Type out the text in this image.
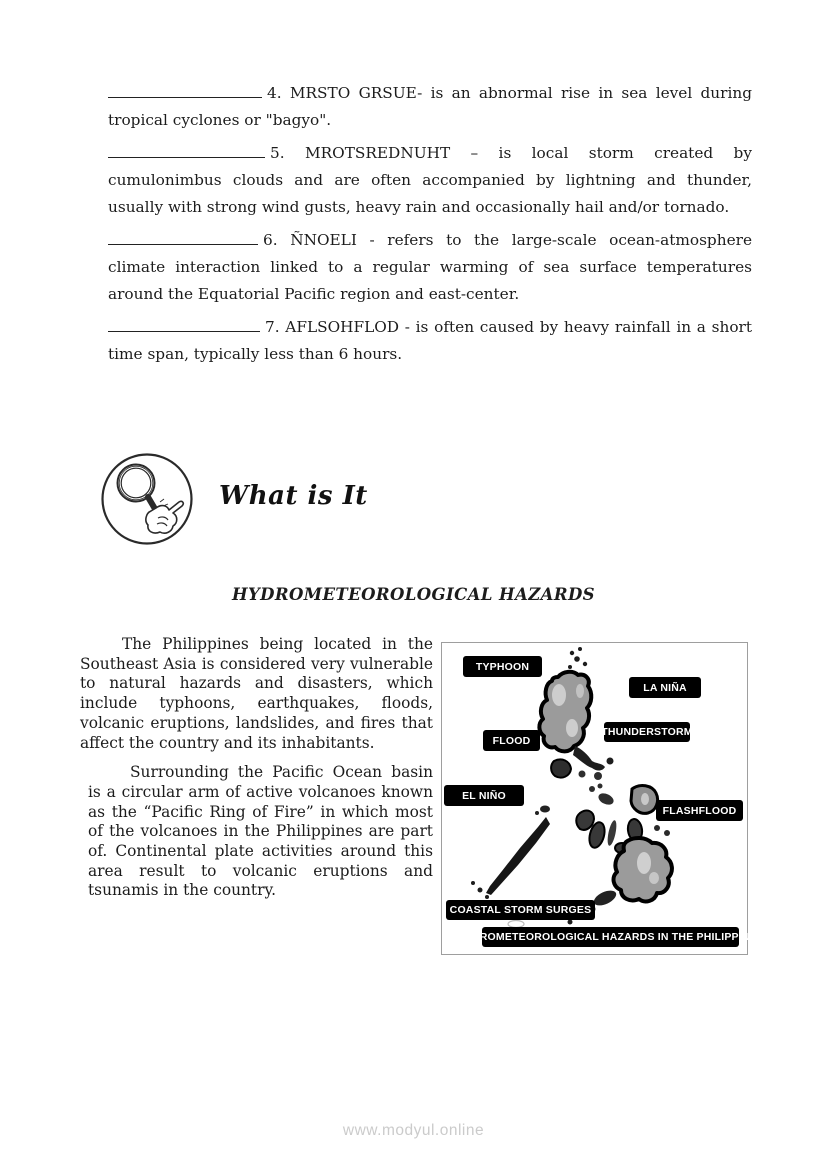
4. MRSTO GRSUE- is an abnormal rise in sea level during tropical cyclones or "bagyo".

5. MROTSREDNUHT – is local storm created by cumulonimbus clouds and are often accompanied by lightning and thunder, usually with strong wind gusts, heavy rain and occasionally hail and/or tornado.

6. ÑNOELI - refers to the large-scale ocean-atmosphere climate interaction linked to a regular warming of sea surface temperatures around the Equatorial Pacific region and east-center.

7. AFLSOHFLOD - is often caused by heavy rainfall in a short time span, typically less than 6 hours.

What is It
HYDROMETEOROLOGICAL HAZARDS

The Philippines being located in the Southeast Asia is considered very vulnerable to natural hazards and disasters, which include typhoons, earthquakes, floods, volcanic eruptions, landslides, and fires that affect the country and its inhabitants.

Surrounding the Pacific Ocean basin is a circular arm of active volcanoes known as the “Pacific Ring of Fire” in which most of the volcanoes in the Philippines are part of. Continental plate activities around this area result to volcanic eruptions and tsunamis in the country.

TYPHOON
LA NIÑA
THUNDERSTORM
FLOOD
EL NIÑO
FLASHFLOOD
COASTAL STORM SURGES
HYDROMETEOROLOGICAL HAZARDS IN THE PHILIPPINES
www.modyul.online
